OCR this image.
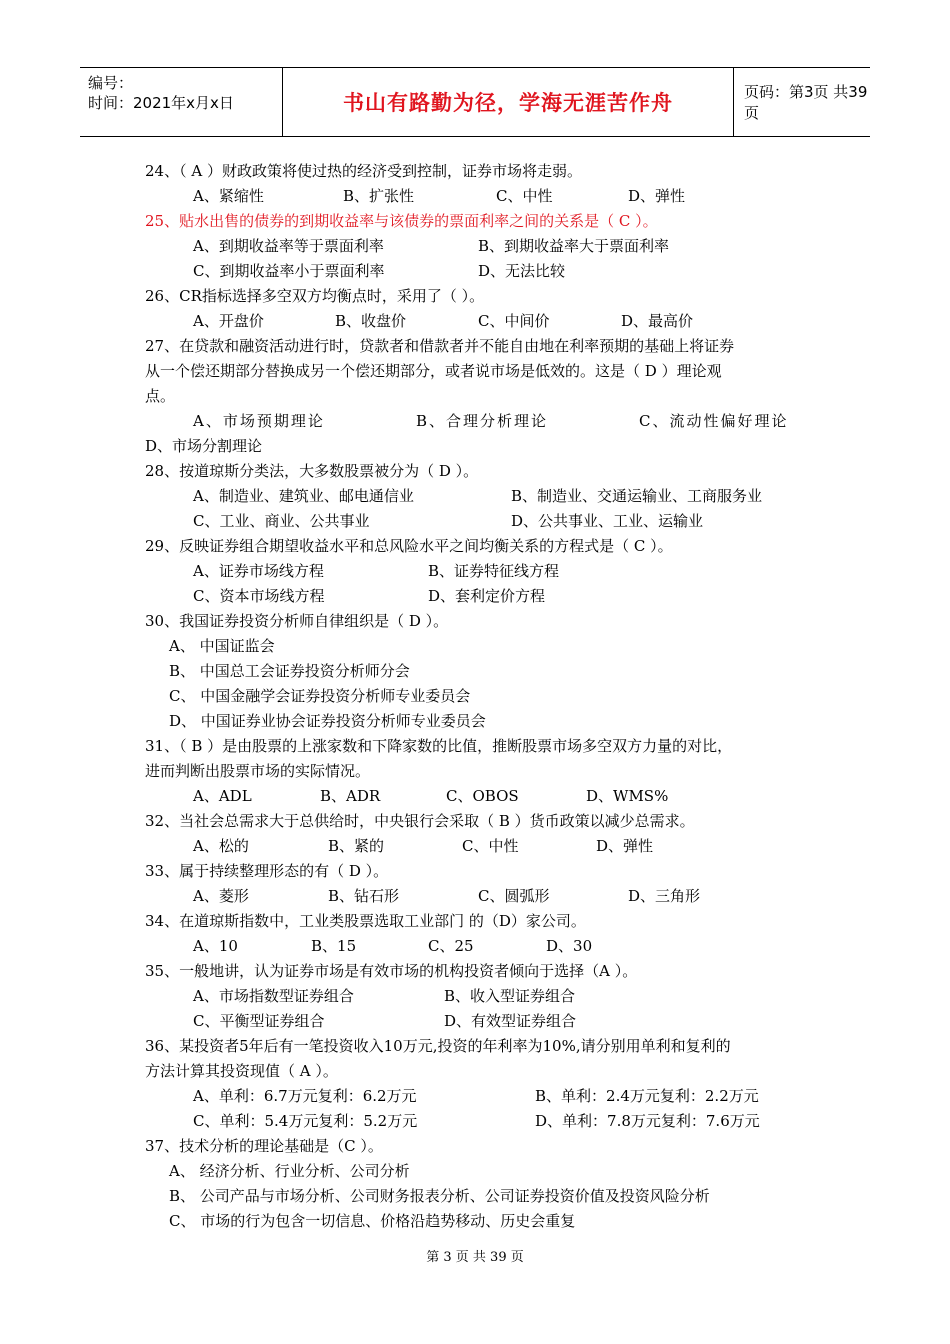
编号：
时间：2021年x月x日	书山有路勤为径，学海无涯苦作舟	页码：第3页 共39页
24、（ A ）财政政策将使过热的经济受到控制，证券市场将走弱。
A、紧缩性	B、扩张性	C、中性	D、弹性
25、贴水出售的债券的到期收益率与该债券的票面利率之间的关系是（ C ）。
A、到期收益率等于票面利率	B、到期收益率大于票面利率
C、到期收益率小于票面利率	D、无法比较
26、CR指标选择多空双方均衡点时，采用了（ ）。
A、开盘价	B、收盘价	C、中间价	D、最高价
27、在贷款和融资活动进行时，贷款者和借款者并不能自由地在利率预期的基础上将证券
从一个偿还期部分替换成另一个偿还期部分，或者说市场是低效的。这是（ D ）理论观
点。
A、市场预期理论	B、合理分析理论	C、流动性偏好理论
D、市场分割理论
28、按道琼斯分类法，大多数股票被分为（ D ）。
A、制造业、建筑业、邮电通信业	B、制造业、交通运输业、工商服务业
C、工业、商业、公共事业	D、公共事业、工业、运输业
29、反映证券组合期望收益水平和总风险水平之间均衡关系的方程式是（ C ）。
A、证券市场线方程	B、证券特征线方程
C、资本市场线方程	D、套利定价方程
30、我国证券投资分析师自律组织是（ D ）。
A、 中国证监会
B、 中国总工会证券投资分析师分会
C、 中国金融学会证券投资分析师专业委员会
D、 中国证券业协会证券投资分析师专业委员会
31、（ B ）是由股票的上涨家数和下降家数的比值，推断股票市场多空双方力量的对比，
进而判断出股票市场的实际情况。
A、ADL	B、ADR	C、OBOS	D、WMS%
32、当社会总需求大于总供给时，中央银行会采取（ B ）货币政策以减少总需求。
A、松的	B、紧的	C、中性	D、弹性
33、属于持续整理形态的有（ D ）。
A、菱形	B、钻石形	C、圆弧形	D、三角形
34、在道琼斯指数中，工业类股票选取工业部门 的（D）家公司。
A、10	B、15	C、25	D、30
35、一般地讲，认为证券市场是有效市场的机构投资者倾向于选择（A ）。
A、市场指数型证券组合	B、收入型证券组合
C、平衡型证券组合	D、有效型证券组合
36、某投资者5年后有一笔投资收入10万元,投资的年利率为10%,请分别用单利和复利的
方法计算其投资现值（ A ）。
A、单利：6.7万元复利：6.2万元	B、单利：2.4万元复利：2.2万元
C、单利：5.4万元复利：5.2万元	D、单利：7.8万元复利：7.6万元
37、技术分析的理论基础是（C ）。
A、 经济分析、行业分析、公司分析
B、 公司产品与市场分析、公司财务报表分析、公司证券投资价值及投资风险分析
C、 市场的行为包含一切信息、价格沿趋势移动、历史会重复
第 3 页 共 39 页
